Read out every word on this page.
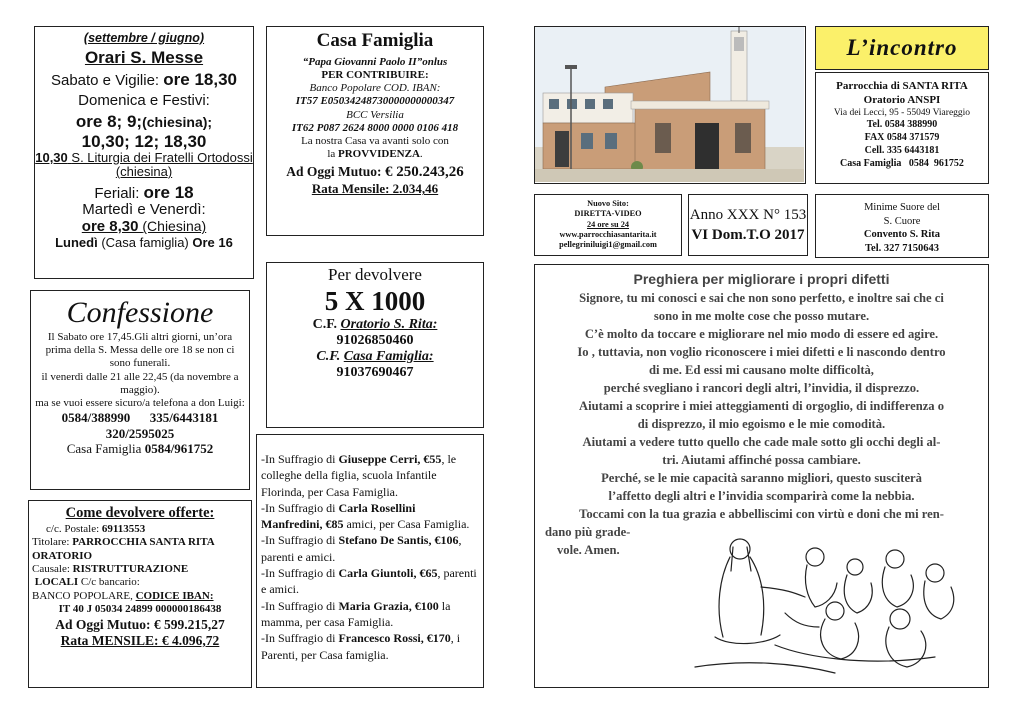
(settembre / giugno)

Orari S. Messe

Sabato e Vigilie: ore 18,30

Domenica e Festivi:

ore 8; 9;(chiesina);

10,30; 12; 18,30

10,30 S. Liturgia dei Fratelli Ortodossi (chiesina)

Feriali: ore 18

Martedì e Venerdì:

ore 8,30 (Chiesina)

Lunedì (Casa famiglia) Ore 16

Casa Famiglia

“Papa Giovanni Paolo II”onlus

PER CONTRIBUIRE:

Banco Popolare COD. IBAN:

IT57 E05034248730000000000347

BCC Versilia

IT62 P087 2624 8000 0000 0106 418

La nostra Casa va avanti solo con

la PROVVIDENZA.

Ad Oggi Mutuo: € 250.243,26

Rata Mensile: 2.034,46

Confessione

Il Sabato ore 17,45.Gli altri giorni, un’ora prima della S. Messa delle ore 18 se non ci sono funerali.

il venerdì dalle 21 alle 22,45 (da novembre a maggio).

ma se vuoi essere sicuro/a telefona a don Luigi:

0584/388990      335/6443181

320/2595025

Casa Famiglia 0584/961752

Per devolvere

5 X 1000

C.F. Oratorio S. Rita:

91026850460

C.F. Casa Famiglia:

91037690467

Come devolvere offerte:

c/c. Postale: 69113553

Titolare: PARROCCHIA SANTA RITA ORATORIO

Causale: RISTRUTTURAZIONE

LOCALI C/c bancario:

BANCO POPOLARE, CODICE IBAN:

IT 40 J 05034 24899 000000186438

Ad Oggi Mutuo: € 599.215,27

Rata MENSILE: € 4.096,72

-In Suffragio di Giuseppe Cerri, €55, le colleghe della figlia, scuola Infantile Florinda, per Casa Famiglia.

-In Suffragio di Carla Rosellini Manfredini, €85 amici, per Casa Famiglia.

-In Suffragio di Stefano De Santis, €106, parenti e amici.

-In Suffragio di Carla Giuntoli, €65, parenti e amici.

-In Suffragio di Maria Grazia, €100 la mamma, per casa Famiglia.

-In Suffragio di Francesco Rossi, €170, i Parenti, per Casa famiglia.

L’incontro

Parrocchia di SANTA RITA

Oratorio ANSPI

Via dei Lecci, 95 - 55049 Viareggio

Tel. 0584 388990

FAX 0584 371579

Cell. 335 6443181

Casa Famiglia   0584  961752

Nuovo Sito:

DIRETTA-VIDEO

24 ore su 24

www.parrocchiasantarita.it

pellegriniluigi1@gmail.com

Anno XXX N° 153

VI Dom.T.O 2017

Minime Suore del

S. Cuore

Convento S. Rita

Tel. 327 7150643

Preghiera per migliorare i propri difetti

Signore, tu mi conosci e sai che non sono perfetto, e inoltre sai che ci

sono in me molte cose che posso mutare.

C’è molto da toccare e migliorare nel mio modo di essere ed agire.

Io , tuttavia, non voglio riconoscere i miei difetti e li nascondo dentro

di me. Ed essi mi causano molte difficoltà,

perché svegliano i rancori degli altri, l’invidia, il disprezzo.

Aiutami a scoprire i miei atteggiamenti di orgoglio, di indifferenza o

di disprezzo, il mio egoismo e le mie comodità.

Aiutami a vedere tutto quello che cade male sotto gli occhi degli al-

tri. Aiutami affinché possa cambiare.

Perché, se le mie capacità saranno migliori, questo susciterà

l’affetto degli altri e l’invidia scomparirà come la nebbia.

Toccami con la tua grazia e abbelliscimi con virtù e doni che mi ren-

dano più grade-

vole. Amen.
